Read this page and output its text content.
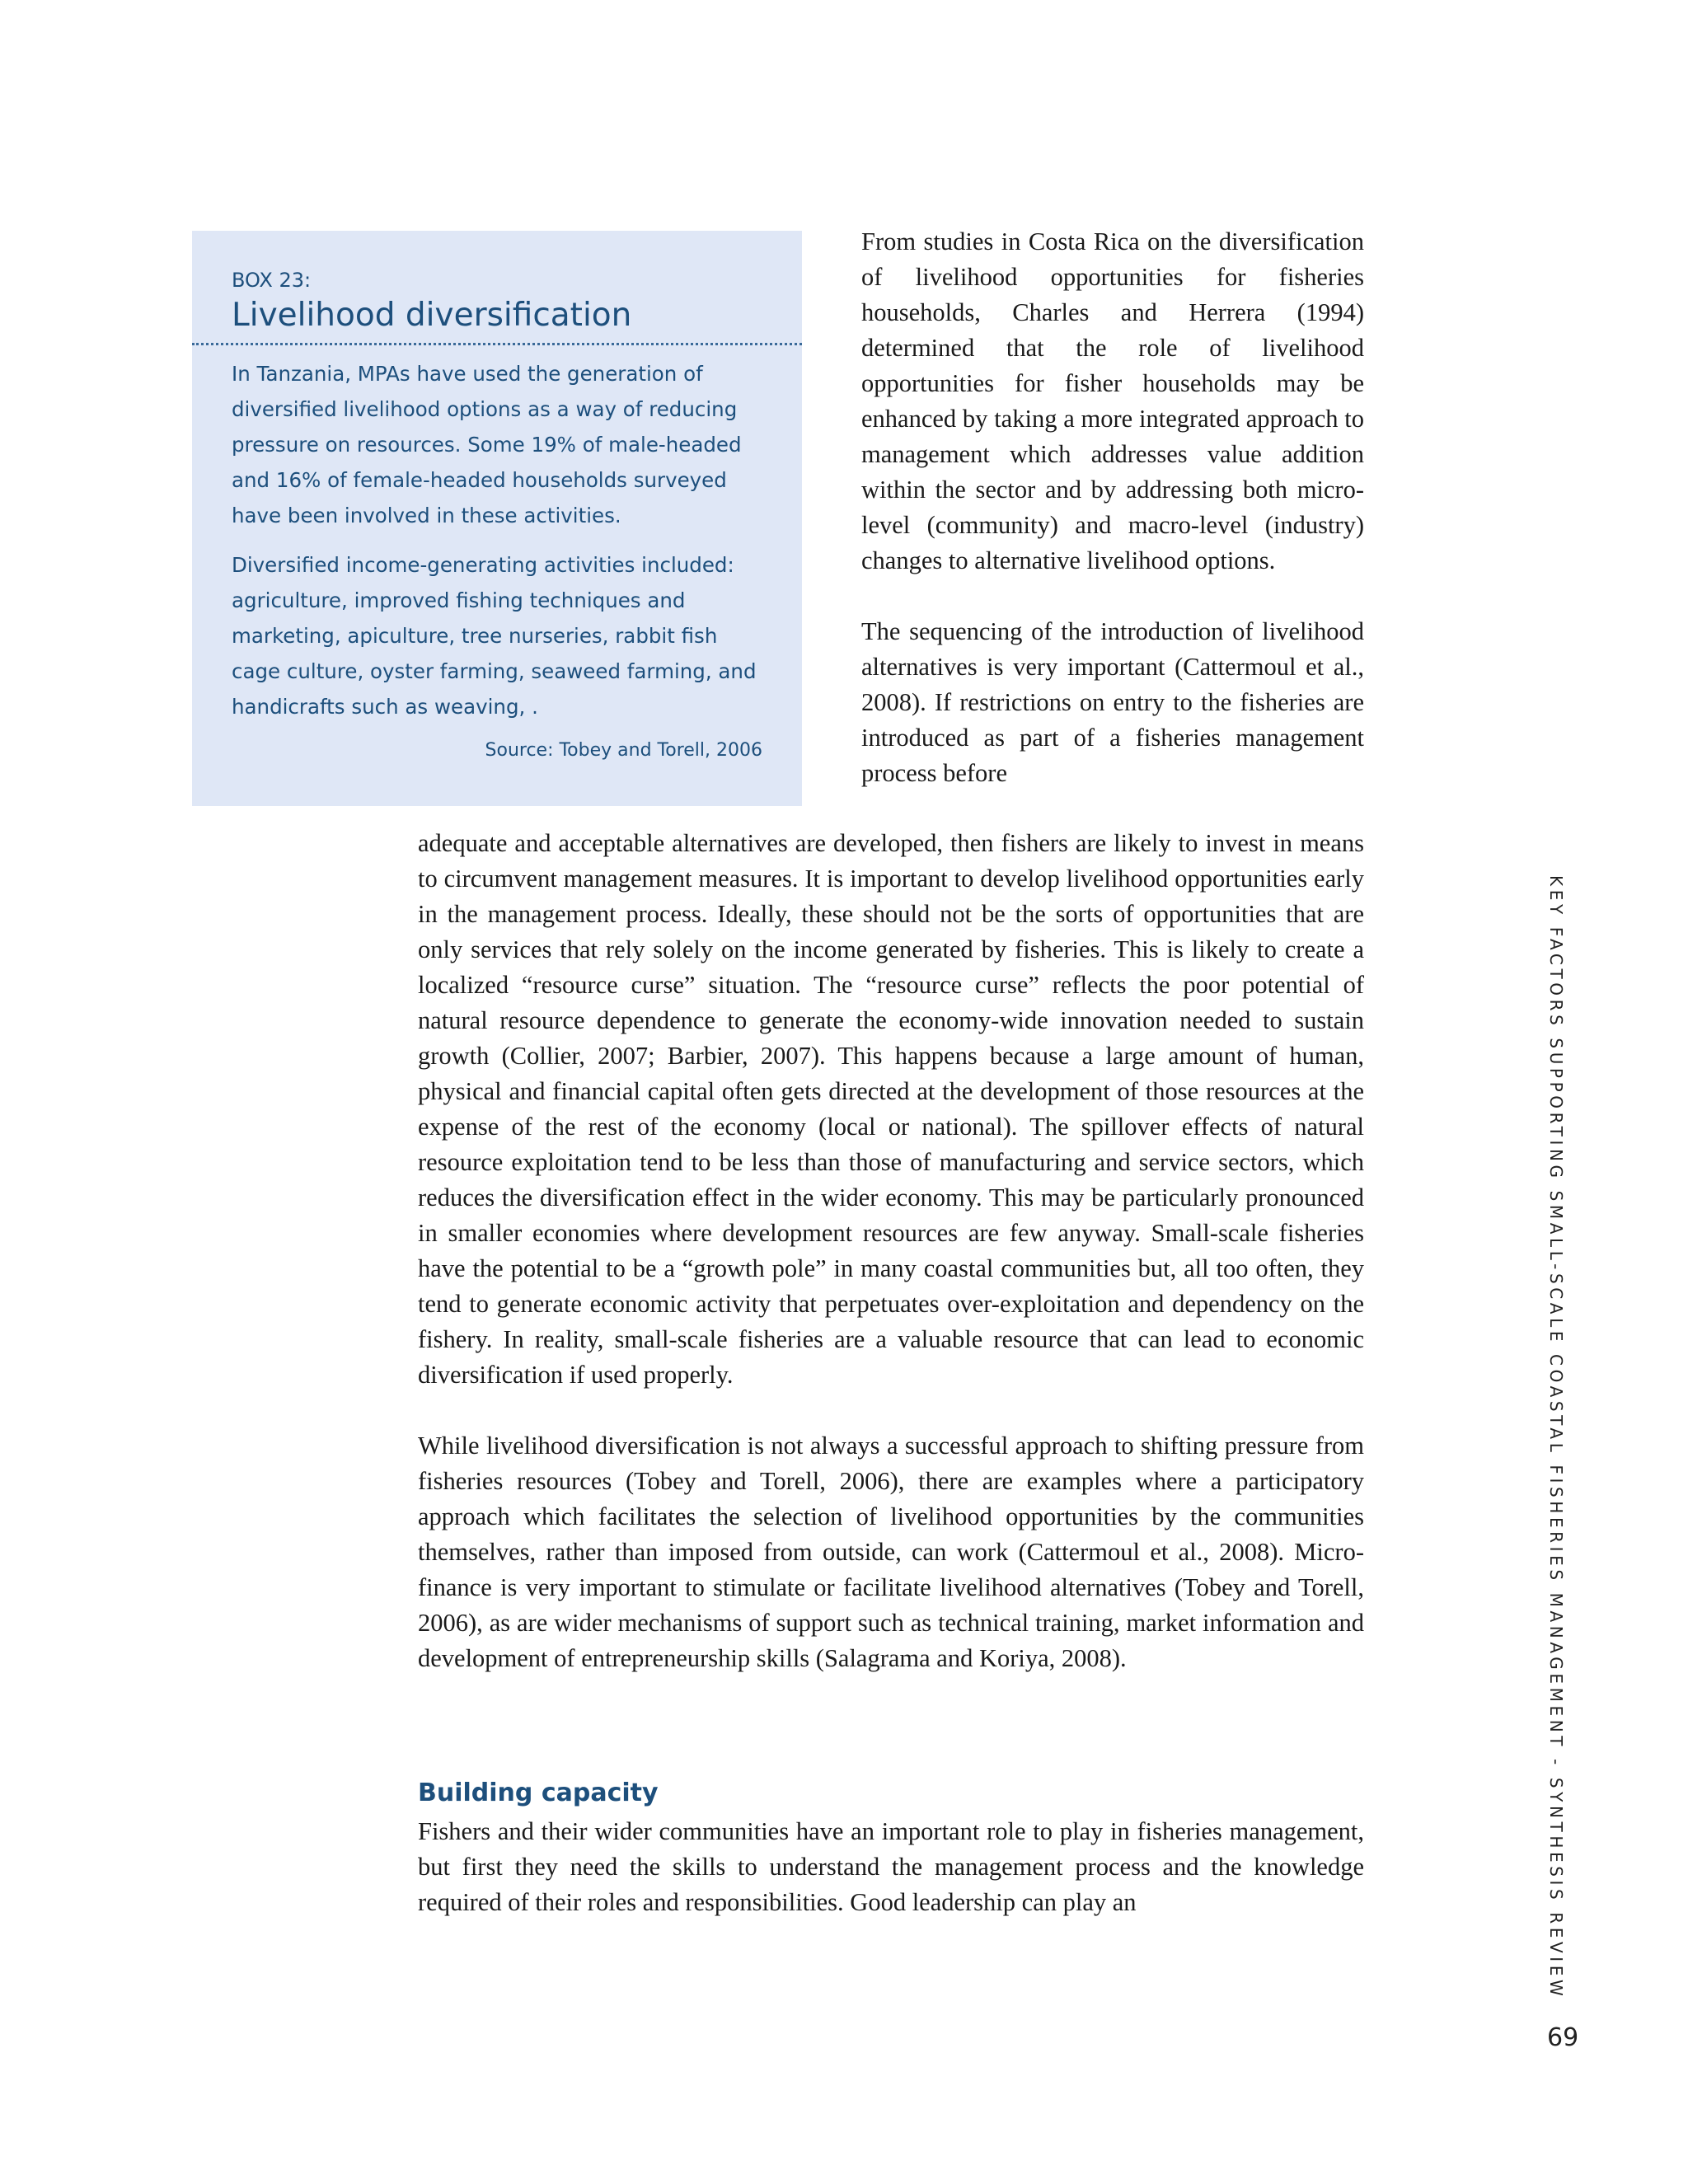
BOX 23:
Livelihood diversification
In Tanzania, MPAs have used the generation of
diversified livelihood options as a way of reducing
pressure on resources. Some 19% of male-headed
and 16% of female-headed households surveyed
have been involved in these activities.
Diversified income-generating activities included:
agriculture, improved fishing techniques and
marketing, apiculture, tree nurseries, rabbit fish
cage culture, oyster farming, seaweed farming, and
handicrafts such as weaving, .
Source: Tobey and Torell, 2006

From studies in Costa Rica on the diversification of livelihood opportunities for fisheries households, Charles and Herrera (1994) determined that the role of livelihood opportunities for fisher households may be enhanced by taking a more integrated approach to management which addresses value addition within the sector and by addressing both micro-level (community) and macro-level (industry) changes to alternative livelihood options.

The sequencing of the introduction of livelihood alternatives is very important (Cattermoul et al., 2008). If restrictions on entry to the fisheries are introduced as part of a fisheries management process before

adequate and acceptable alternatives are developed, then fishers are likely to invest in means to circumvent management measures. It is important to develop livelihood opportunities early in the management process. Ideally, these should not be the sorts of opportunities that are only services that rely solely on the income generated by fisheries. This is likely to create a localized “resource curse” situation. The “resource curse” reflects the poor potential of natural resource dependence to generate the economy-wide innovation needed to sustain growth (Collier, 2007; Barbier, 2007). This happens because a large amount of human, physical and financial capital often gets directed at the development of those resources at the expense of the rest of the economy (local or national). The spillover effects of natural resource exploitation tend to be less than those of manufacturing and service sectors, which reduces the diversification effect in the wider economy. This may be particularly pronounced in smaller economies where development resources are few anyway. Small-scale fisheries have the potential to be a “growth pole” in many coastal communities but, all too often, they tend to generate economic activity that perpetuates over-exploitation and dependency on the fishery. In reality, small-scale fisheries are a valuable resource that can lead to economic diversification if used properly.

While livelihood diversification is not always a successful approach to shifting pressure from fisheries resources (Tobey and Torell, 2006), there are examples where a participatory approach which facilitates the selection of livelihood opportunities by the communities themselves, rather than imposed from outside, can work (Cattermoul et al., 2008). Micro-finance is very important to stimulate or facilitate livelihood alternatives (Tobey and Torell, 2006), as are wider mechanisms of support such as technical training, market information and development of entrepreneurship skills (Salagrama and Koriya, 2008).

Building capacity

Fishers and their wider communities have an important role to play in fisheries management, but first they need the skills to understand the management process and the knowledge required of their roles and responsibilities. Good leadership can play an	KEY FACTORS SUPPORTING SMALL-SCALE COASTAL FISHERIES MANAGEMENT - SYNTHESIS REVIEW
69
